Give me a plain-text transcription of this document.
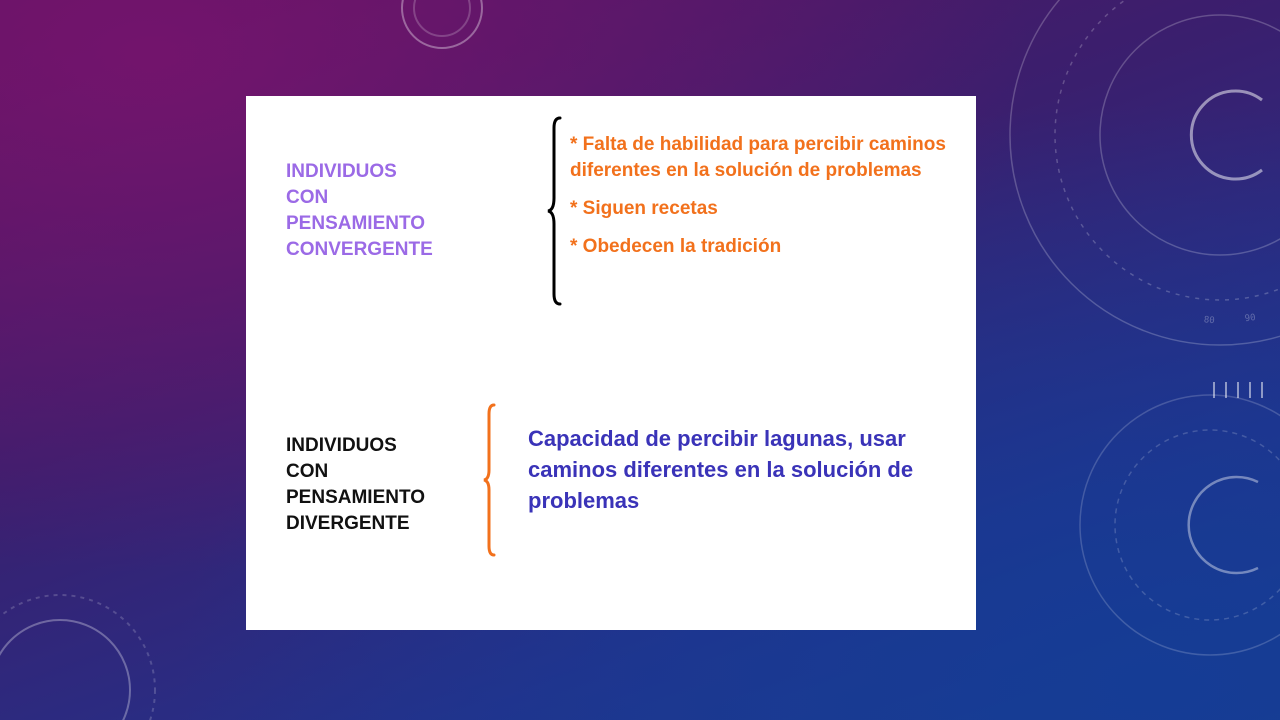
90
80
INDIVIDUOS
CON
PENSAMIENTO
CONVERGENTE
* Falta de habilidad para percibir caminos diferentes en la solución de problemas
* Siguen recetas
* Obedecen la tradición
INDIVIDUOS
CON
PENSAMIENTO
DIVERGENTE

Capacidad de percibir lagunas, usar caminos diferentes en la solución de problemas
